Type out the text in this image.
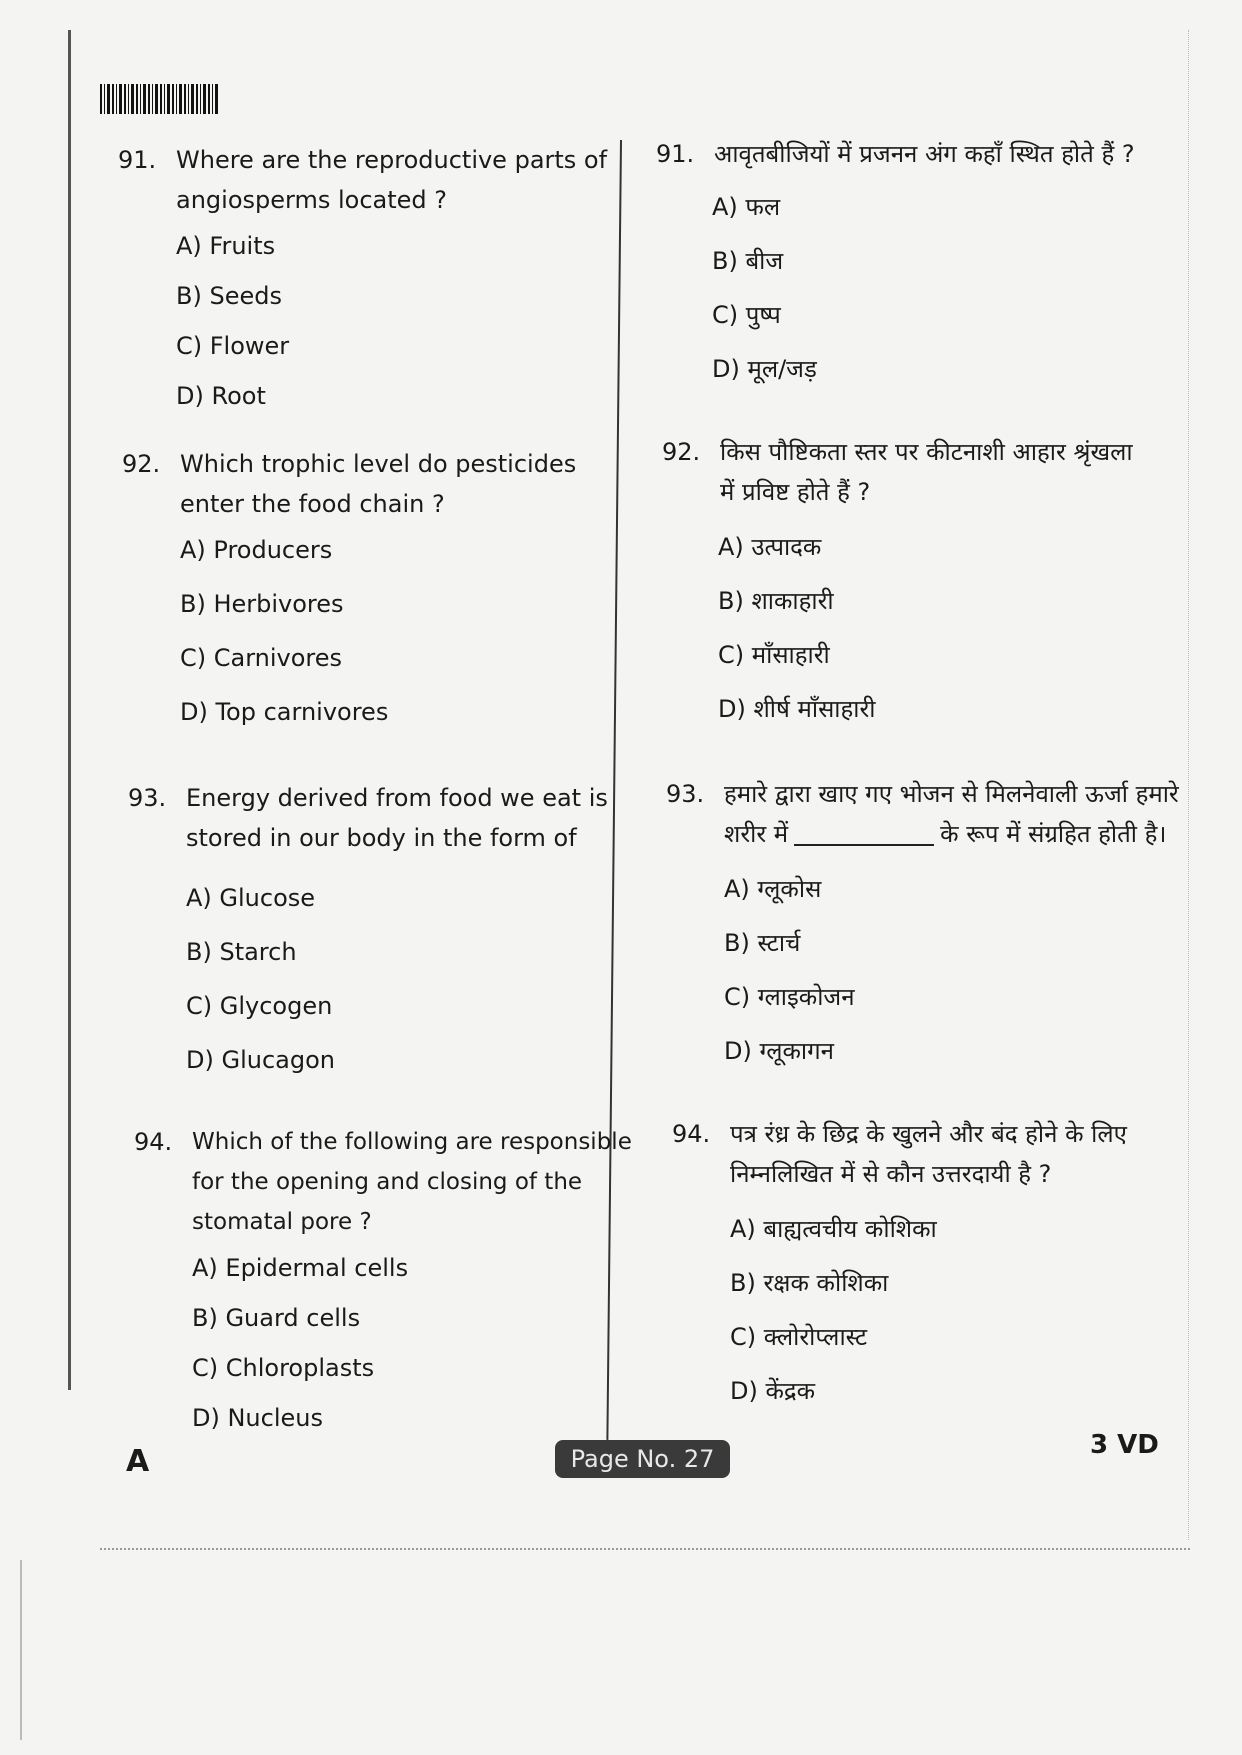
91. Where are the reproductive parts of
angiosperms located ?
A) Fruits
B) Seeds
C) Flower
D) Root
92. Which trophic level do pesticides
enter the food chain ?
A) Producers
B) Herbivores
C) Carnivores
D) Top carnivores
93. Energy derived from food we eat is
stored in our body in the form of
A) Glucose
B) Starch
C) Glycogen
D) Glucagon
94. Which of the following are responsible
for the opening and closing of the
stomatal pore ?
A) Epidermal cells
B) Guard cells
C) Chloroplasts
D) Nucleus
91. आवृतबीजियों में प्रजनन अंग कहाँ स्थित होते हैं ?
A) फल
B) बीज
C) पुष्प
D) मूल/जड़
92. किस पौष्टिकता स्तर पर कीटनाशी आहार श्रृंखला
में प्रविष्ट होते हैं ?
A) उत्पादक
B) शाकाहारी
C) माँसाहारी
D) शीर्ष माँसाहारी
93. हमारे द्वारा खाए गए भोजन से मिलनेवाली ऊर्जा हमारे
शरीर में	के रूप में संग्रहित होती है।
A) ग्लूकोस
B) स्टार्च
C) ग्लाइकोजन
D) ग्लूकागन
94. पत्र रंध्र के छिद्र के खुलने और बंद होने के लिए
निम्नलिखित में से कौन उत्तरदायी है ?
A) बाह्यत्वचीय कोशिका
B) रक्षक कोशिका
C) क्लोरोप्लास्ट
D) केंद्रक
A	Page No. 27	3 VD
